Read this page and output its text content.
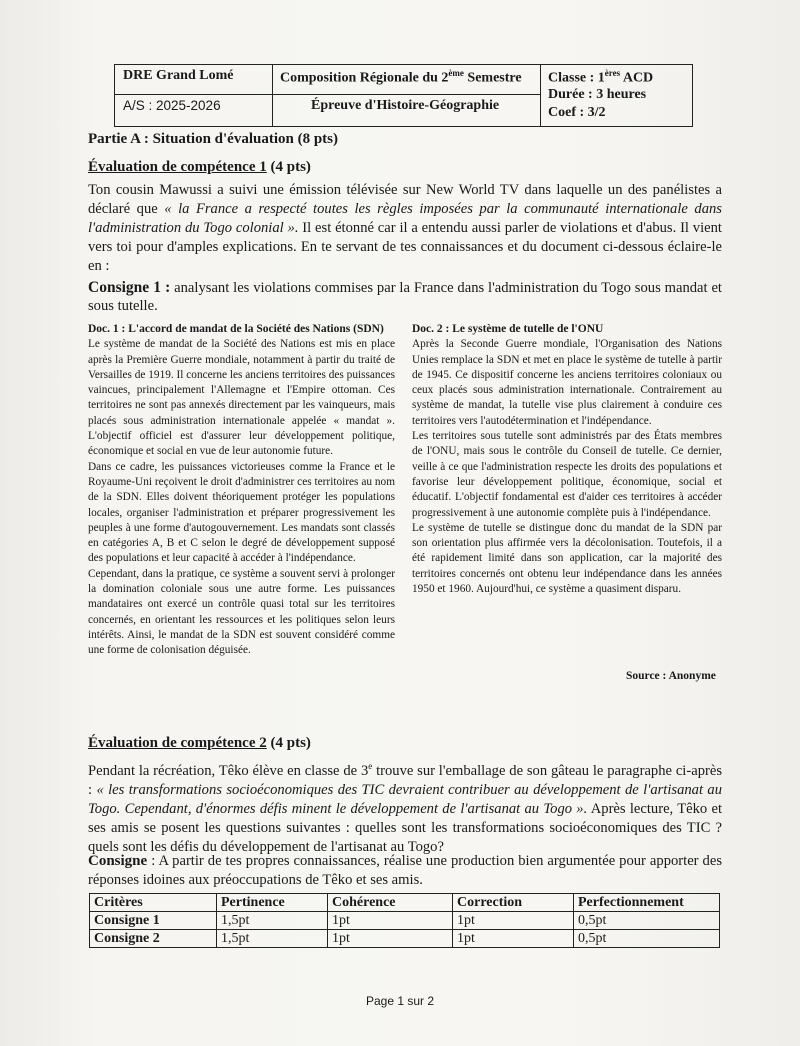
DRE Grand Lomé
A/S : 2025-2026
Composition Régionale du 2ème Semestre
Épreuve d'Histoire-Géographie
Classe : 1ères ACD
Durée : 3 heures
Coef : 3/2
Partie A : Situation d'évaluation (8 pts)
Évaluation de compétence 1 (4 pts)
Ton cousin Mawussi a suivi une émission télévisée sur New World TV dans laquelle un des panélistes a déclaré que « la France a respecté toutes les règles imposées par la communauté internationale dans l'administration du Togo colonial ». Il est étonné car il a entendu aussi parler de violations et d'abus. Il vient vers toi pour d'amples explications. En te servant de tes connaissances et du document ci-dessous éclaire-le en :
Consigne 1 : analysant les violations commises par la France dans l'administration du Togo sous mandat et sous tutelle.
Doc. 1 : L'accord de mandat de la Société des Nations (SDN)

Le système de mandat de la Société des Nations est mis en place après la Première Guerre mondiale, notamment à partir du traité de Versailles de 1919. Il concerne les anciens territoires des puissances vaincues, principalement l'Allemagne et l'Empire ottoman. Ces territoires ne sont pas annexés directement par les vainqueurs, mais placés sous administration internationale appelée « mandat ». L'objectif officiel est d'assurer leur développement politique, économique et social en vue de leur autonomie future.

Dans ce cadre, les puissances victorieuses comme la France et le Royaume-Uni reçoivent le droit d'administrer ces territoires au nom de la SDN. Elles doivent théoriquement protéger les populations locales, organiser l'administration et préparer progressivement les peuples à une forme d'autogouvernement. Les mandats sont classés en catégories A, B et C selon le degré de développement supposé des populations et leur capacité à accéder à l'indépendance.

Cependant, dans la pratique, ce système a souvent servi à prolonger la domination coloniale sous une autre forme. Les puissances mandataires ont exercé un contrôle quasi total sur les territoires concernés, en orientant les ressources et les politiques selon leurs intérêts. Ainsi, le mandat de la SDN est souvent considéré comme une forme de colonisation déguisée.

Doc. 2 : Le système de tutelle de l'ONU

Après la Seconde Guerre mondiale, l'Organisation des Nations Unies remplace la SDN et met en place le système de tutelle à partir de 1945. Ce dispositif concerne les anciens territoires coloniaux ou ceux placés sous administration internationale. Contrairement au système de mandat, la tutelle vise plus clairement à conduire ces territoires vers l'autodétermination et l'indépendance.

Les territoires sous tutelle sont administrés par des États membres de l'ONU, mais sous le contrôle du Conseil de tutelle. Ce dernier, veille à ce que l'administration respecte les droits des populations et favorise leur développement politique, économique, social et éducatif. L'objectif fondamental est d'aider ces territoires à accéder progressivement à une autonomie complète puis à l'indépendance.

Le système de tutelle se distingue donc du mandat de la SDN par son orientation plus affirmée vers la décolonisation. Toutefois, il a été rapidement limité dans son application, car la majorité des territoires concernés ont obtenu leur indépendance dans les années 1950 et 1960. Aujourd'hui, ce système a quasiment disparu.

Source : Anonyme
Évaluation de compétence 2 (4 pts)
Pendant la récréation, Têko élève en classe de 3e trouve sur l'emballage de son gâteau le paragraphe ci-après : « les transformations socioéconomiques des TIC devraient contribuer au développement de l'artisanat au Togo. Cependant, d'énormes défis minent le développement de l'artisanat au Togo ». Après lecture, Têko et ses amis se posent les questions suivantes : quelles sont les transformations socioéconomiques des TIC ? quels sont les défis du développement de l'artisanat au Togo?
Consigne : A partir de tes propres connaissances, réalise une production bien argumentée pour apporter des réponses idoines aux préoccupations de Têko et ses amis.
Critères	Pertinence	Cohérence	Correction	Perfectionnement
Consigne 1	1,5pt	1pt	1pt	0,5pt
Consigne 2	1,5pt	1pt	1pt	0,5pt
Page 1 sur 2
